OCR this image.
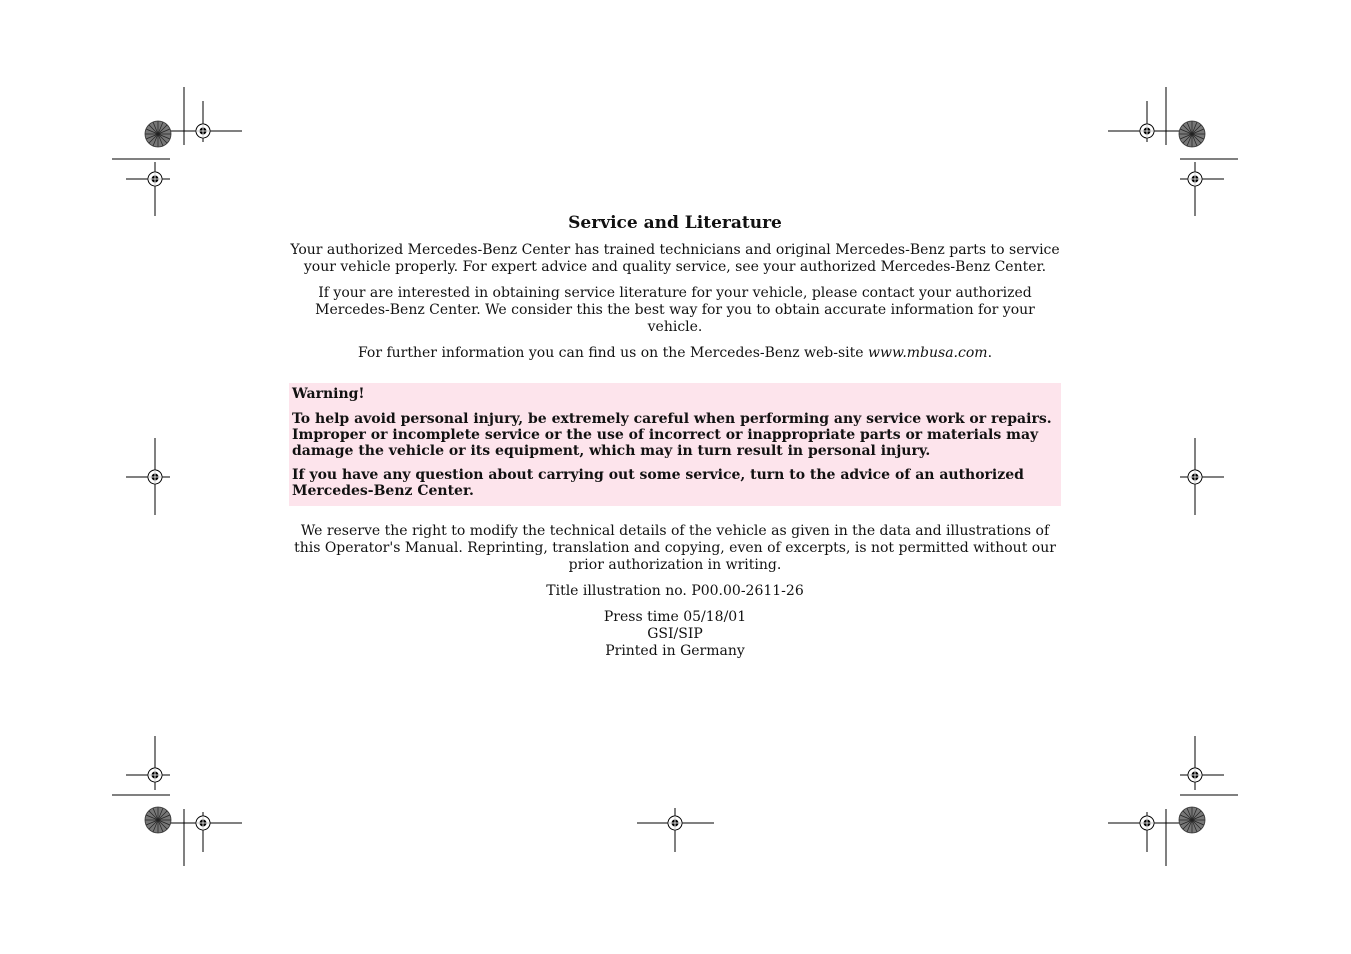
Service and Literature

Your authorized Mercedes-Benz Center has trained technicians and original Mercedes-Benz parts to service your vehicle properly. For expert advice and quality service, see your authorized Mercedes-Benz Center.

If your are interested in obtaining service literature for your vehicle, please contact your authorized Mercedes-Benz Center. We consider this the best way for you to obtain accurate information for your vehicle.

For further information you can find us on the Mercedes-Benz web-site www.mbusa.com.

Warning!

To help avoid personal injury, be extremely careful when performing any service work or repairs. Improper or incomplete service or the use of incorrect or inappropriate parts or materials may damage the vehicle or its equipment, which may in turn result in personal injury.

If you have any question about carrying out some service, turn to the advice of an authorized Mercedes-Benz Center.

We reserve the right to modify the technical details of the vehicle as given in the data and illustrations of this Operator's Manual. Reprinting, translation and copying, even of excerpts, is not permitted without our prior authorization in writing.

Title illustration no. P00.00-2611-26

Press time 05/18/01
GSI/SIP
Printed in Germany
